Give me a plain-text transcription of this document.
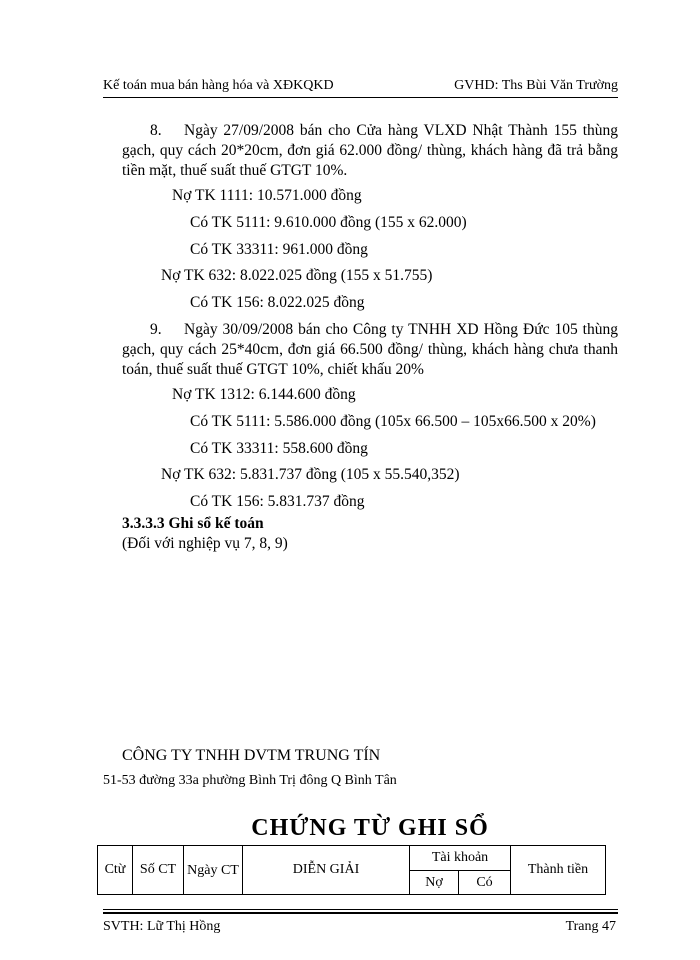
Kế toán mua bán hàng hóa và XĐKQKD	GVHD: Ths Bùi Văn Trường
8. Ngày 27/09/2008 bán cho Cửa hàng VLXD Nhật Thành 155 thùng gạch, quy cách 20*20cm, đơn giá 62.000 đồng/ thùng, khách hàng đã trả bằng tiền mặt, thuế suất thuế GTGT 10%.
Nợ TK 1111: 10.571.000 đồng
Có TK 5111: 9.610.000 đồng (155 x 62.000)
Có TK 33311: 961.000 đồng
Nợ TK 632: 8.022.025 đồng (155 x 51.755)
Có TK 156: 8.022.025 đồng
9. Ngày 30/09/2008 bán cho Công ty TNHH XD Hồng Đức 105 thùng gạch, quy cách 25*40cm, đơn giá 66.500 đồng/ thùng, khách hàng chưa thanh toán, thuế suất thuế GTGT 10%, chiết khấu 20%
Nợ TK 1312: 6.144.600 đồng
Có TK 5111: 5.586.000 đồng (105x 66.500 – 105x66.500 x 20%)
Có TK 33311: 558.600 đồng
Nợ TK 632: 5.831.737 đồng (105 x 55.540,352)
Có TK 156: 5.831.737 đồng
3.3.3.3 Ghi sổ kế toán
(Đối với nghiệp vụ 7, 8, 9)
CÔNG TY TNHH DVTM TRUNG TÍN
51-53 đường 33a phường Bình Trị đông Q Bình Tân
CHỨNG TỪ GHI SỔ
Ctừ	Số CT	Ngày CT	DIỄN GIẢI	Tài khoản		Thành tiền
				Nợ	Có	
SVTH: Lữ Thị Hồng	Trang 47
